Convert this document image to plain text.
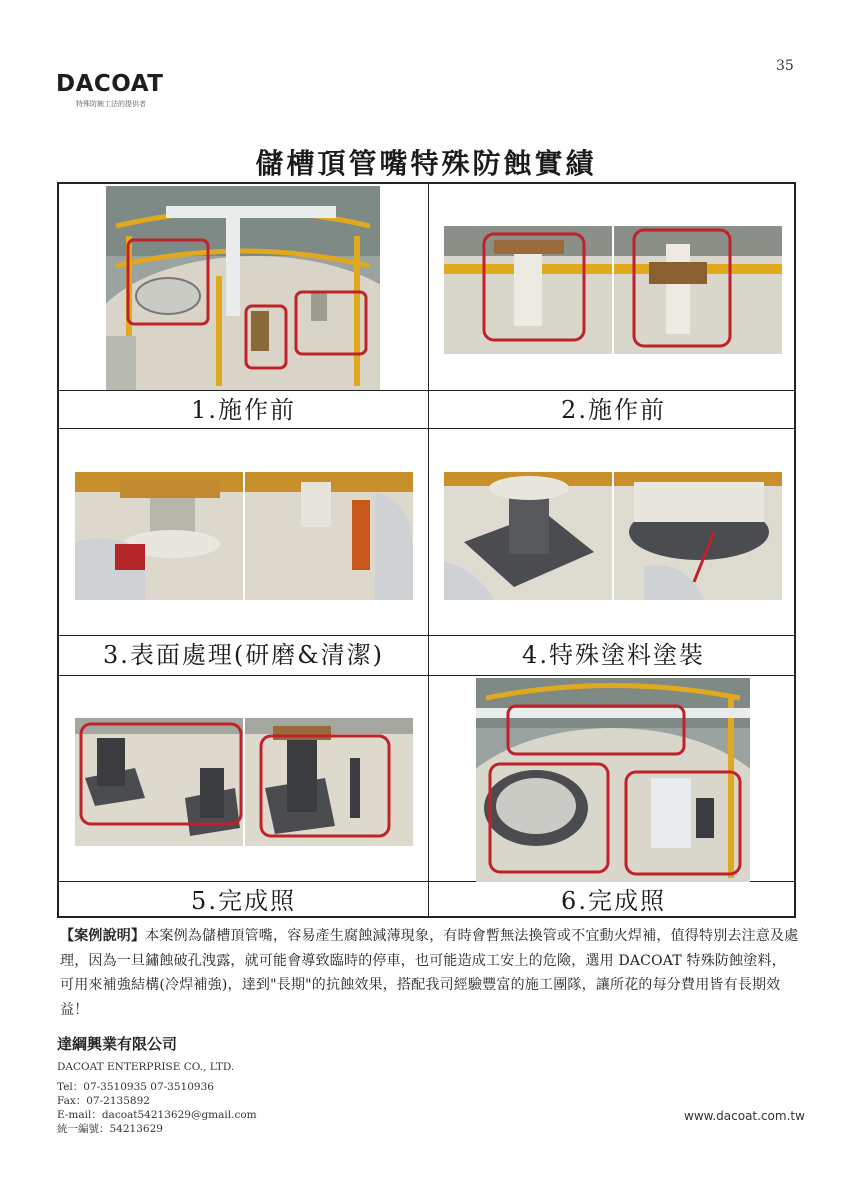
35
DACOAT
特殊防蝕工法的提供者
儲槽頂管嘴特殊防蝕實績
1.施作前	2.施作前
3.表面處理(研磨&清潔)	4.特殊塗料塗裝
5.完成照	6.完成照
【案例說明】本案例為儲槽頂管嘴，容易產生腐蝕減薄現象，有時會暫無法換管或不宜動火焊補，值得特別去注意及處理，因為一旦鏽蝕破孔洩露，就可能會導致臨時的停車，也可能造成工安上的危險，選用 DACOAT 特殊防蝕塗料，可用來補強結構(冷焊補強)，達到"長期"的抗蝕效果，搭配我司經驗豐富的施工團隊，讓所花的每分費用皆有長期效益！
達綱興業有限公司
DACOAT ENTERPRISE CO., LTD.
Tel：07-3510935 07-3510936
Fax：07-2135892
E-mail：dacoat54213629@gmail.com
統一編號：54213629
www.dacoat.com.tw
